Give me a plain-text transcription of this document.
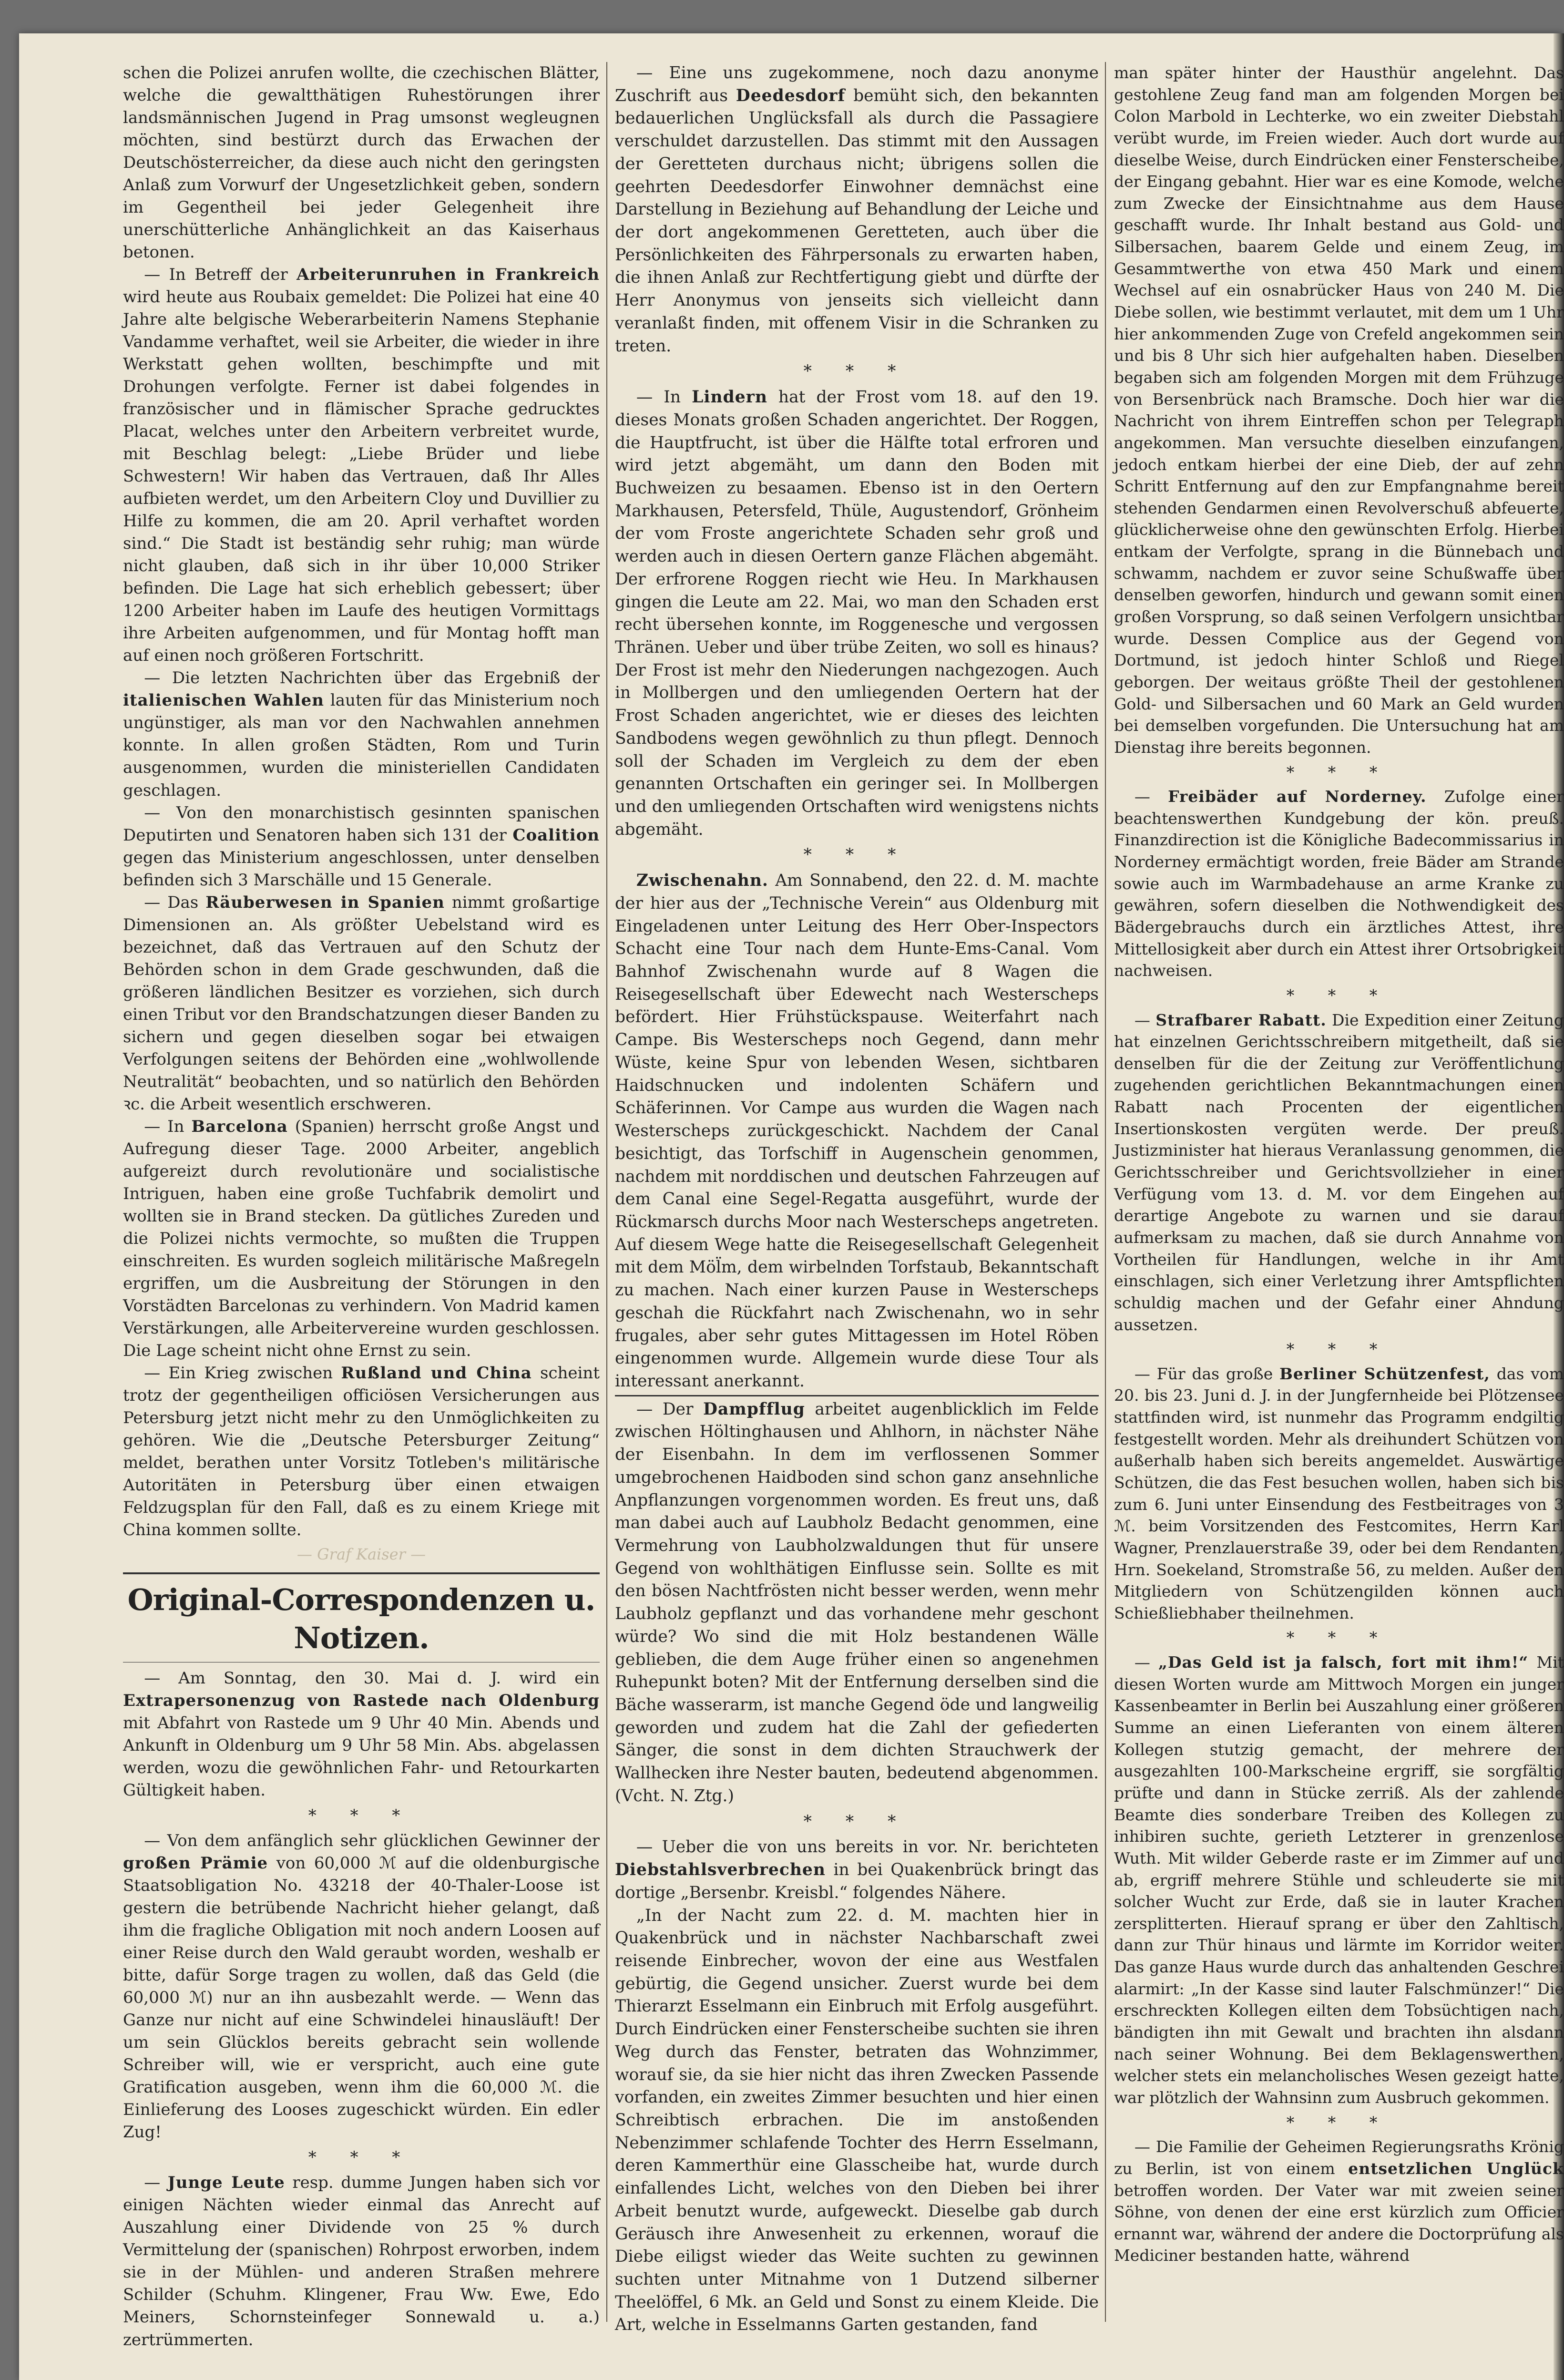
schen die Polizei anrufen wollte, die czechischen Blätter, welche die gewaltthätigen Ruhestörungen ihrer landsmännischen Jugend in Prag umsonst wegleugnen möchten, sind bestürzt durch das Erwachen der Deutschösterreicher, da diese auch nicht den geringsten Anlaß zum Vorwurf der Ungesetzlichkeit geben, sondern im Gegentheil bei jeder Gelegenheit ihre unerschütterliche Anhänglichkeit an das Kaiserhaus betonen.

— In Betreff der Arbeiterunruhen in Frankreich wird heute aus Roubaix gemeldet: Die Polizei hat eine 40 Jahre alte belgische Weberarbeiterin Namens Stephanie Vandamme verhaftet, weil sie Arbeiter, die wieder in ihre Werkstatt gehen wollten, beschimpfte und mit Drohungen verfolgte. Ferner ist dabei folgendes in französischer und in flämischer Sprache gedrucktes Placat, welches unter den Arbeitern verbreitet wurde, mit Beschlag belegt: „Liebe Brüder und liebe Schwestern! Wir haben das Vertrauen, daß Ihr Alles aufbieten werdet, um den Arbeitern Cloy und Duvillier zu Hilfe zu kommen, die am 20. April verhaftet worden sind.“ Die Stadt ist beständig sehr ruhig; man würde nicht glauben, daß sich in ihr über 10,000 Striker befinden. Die Lage hat sich erheblich gebessert; über 1200 Arbeiter haben im Laufe des heutigen Vormittags ihre Arbeiten aufgenommen, und für Montag hofft man auf einen noch größeren Fortschritt.

— Die letzten Nachrichten über das Ergebniß der italienischen Wahlen lauten für das Ministerium noch ungünstiger, als man vor den Nachwahlen annehmen konnte. In allen großen Städten, Rom und Turin ausgenommen, wurden die ministeriellen Candidaten geschlagen.

— Von den monarchistisch gesinnten spanischen Deputirten und Senatoren haben sich 131 der Coalition gegen das Ministerium angeschlossen, unter denselben befinden sich 3 Marschälle und 15 Generale.

— Das Räuberwesen in Spanien nimmt großartige Dimensionen an. Als größter Uebelstand wird es bezeichnet, daß das Vertrauen auf den Schutz der Behörden schon in dem Grade geschwunden, daß die größeren ländlichen Besitzer es vorziehen, sich durch einen Tribut vor den Brandschatzungen dieser Banden zu sichern und gegen dieselben sogar bei etwaigen Verfolgungen seitens der Behörden eine „wohlwollende Neutralität“ beobachten, und so natürlich den Behörden ꝛc. die Arbeit wesentlich erschweren.

— In Barcelona (Spanien) herrscht große Angst und Aufregung dieser Tage. 2000 Arbeiter, angeblich aufgereizt durch revolutionäre und socialistische Intriguen, haben eine große Tuchfabrik demolirt und wollten sie in Brand stecken. Da gütliches Zureden und die Polizei nichts vermochte, so mußten die Truppen einschreiten. Es wurden sogleich militärische Maßregeln ergriffen, um die Ausbreitung der Störungen in den Vorstädten Barcelonas zu verhindern. Von Madrid kamen Verstärkungen, alle Arbeitervereine wurden geschlossen. Die Lage scheint nicht ohne Ernst zu sein.

— Ein Krieg zwischen Rußland und China scheint trotz der gegentheiligen officiösen Versicherungen aus Petersburg jetzt nicht mehr zu den Unmöglichkeiten zu gehören. Wie die „Deutsche Petersburger Zeitung“ meldet, berathen unter Vorsitz Totleben's militärische Autoritäten in Petersburg über einen etwaigen Feldzugsplan für den Fall, daß es zu einem Kriege mit China kommen sollte.

— Graf Kaiser —
Original-Correspondenzen u. Notizen.

— Am Sonntag, den 30. Mai d. J. wird ein Extrapersonenzug von Rastede nach Oldenburg mit Abfahrt von Rastede um 9 Uhr 40 Min. Abends und Ankunft in Oldenburg um 9 Uhr 58 Min. Abs. abgelassen werden, wozu die gewöhnlichen Fahr- und Retourkarten Gültigkeit haben.

* * *

— Von dem anfänglich sehr glücklichen Gewinner der großen Prämie von 60,000 ℳ auf die oldenburgische Staatsobligation No. 43218 der 40-Thaler-Loose ist gestern die betrübende Nachricht hieher gelangt, daß ihm die fragliche Obligation mit noch andern Loosen auf einer Reise durch den Wald geraubt worden, weshalb er bitte, dafür Sorge tragen zu wollen, daß das Geld (die 60,000 ℳ) nur an ihn ausbezahlt werde. — Wenn das Ganze nur nicht auf eine Schwindelei hinausläuft! Der um sein Glücklos bereits gebracht sein wollende Schreiber will, wie er verspricht, auch eine gute Gratification ausgeben, wenn ihm die 60,000 ℳ. die Einlieferung des Looses zugeschickt würden. Ein edler Zug!

* * *

— Junge Leute resp. dumme Jungen haben sich vor einigen Nächten wieder einmal das Anrecht auf Auszahlung einer Dividende von 25 % durch Vermittelung der (spanischen) Rohrpost erworben, indem sie in der Mühlen- und anderen Straßen mehrere Schilder (Schuhm. Klingener, Frau Ww. Ewe, Edo Meiners, Schornsteinfeger Sonnewald u. a.) zertrümmerten.

— Eine uns zugekommene, noch dazu anonyme Zuschrift aus Deedesdorf bemüht sich, den bekannten bedauerlichen Unglücksfall als durch die Passagiere verschuldet darzustellen. Das stimmt mit den Aussagen der Geretteten durchaus nicht; übrigens sollen die geehrten Deedesdorfer Einwohner demnächst eine Darstellung in Beziehung auf Behandlung der Leiche und der dort angekommenen Geretteten, auch über die Persönlichkeiten des Fährpersonals zu erwarten haben, die ihnen Anlaß zur Rechtfertigung giebt und dürfte der Herr Anonymus von jenseits sich vielleicht dann veranlaßt finden, mit offenem Visir in die Schranken zu treten.

* * *

— In Lindern hat der Frost vom 18. auf den 19. dieses Monats großen Schaden angerichtet. Der Roggen, die Hauptfrucht, ist über die Hälfte total erfroren und wird jetzt abgemäht, um dann den Boden mit Buchweizen zu besaamen. Ebenso ist in den Oertern Markhausen, Petersfeld, Thüle, Augustendorf, Grönheim der vom Froste angerichtete Schaden sehr groß und werden auch in diesen Oertern ganze Flächen abgemäht. Der erfrorene Roggen riecht wie Heu. In Markhausen gingen die Leute am 22. Mai, wo man den Schaden erst recht übersehen konnte, im Roggenesche und vergossen Thränen. Ueber und über trübe Zeiten, wo soll es hinaus? Der Frost ist mehr den Niederungen nachgezogen. Auch in Mollbergen und den umliegenden Oertern hat der Frost Schaden angerichtet, wie er dieses des leichten Sandbodens wegen gewöhnlich zu thun pflegt. Dennoch soll der Schaden im Vergleich zu dem der eben genannten Ortschaften ein geringer sei. In Mollbergen und den umliegenden Ortschaften wird wenigstens nichts abgemäht.

* * *

Zwischenahn. Am Sonnabend, den 22. d. M. machte der hier aus der „Technische Verein“ aus Oldenburg mit Eingeladenen unter Leitung des Herr Ober-Inspectors Schacht eine Tour nach dem Hunte-Ems-Canal. Vom Bahnhof Zwischenahn wurde auf 8 Wagen die Reisegesellschaft über Edewecht nach Westerscheps befördert. Hier Frühstückspause. Weiterfahrt nach Campe. Bis Westerscheps noch Gegend, dann mehr Wüste, keine Spur von lebenden Wesen, sichtbaren Haidschnucken und indolenten Schäfern und Schäferinnen. Vor Campe aus wurden die Wagen nach Westerscheps zurückgeschickt. Nachdem der Canal besichtigt, das Torfschiff in Augenschein genommen, nachdem mit norddischen und deutschen Fahrzeugen auf dem Canal eine Segel-Regatta ausgeführt, wurde der Rückmarsch durchs Moor nach Westerscheps angetreten. Auf diesem Wege hatte die Reisegesellschaft Gelegenheit mit dem Möl̈m, dem wirbelnden Torfstaub, Bekanntschaft zu machen. Nach einer kurzen Pause in Westerscheps geschah die Rückfahrt nach Zwischenahn, wo in sehr frugales, aber sehr gutes Mittagessen im Hotel Röben eingenommen wurde. Allgemein wurde diese Tour als interessant anerkannt.

— Der Dampfflug arbeitet augenblicklich im Felde zwischen Höltinghausen und Ahlhorn, in nächster Nähe der Eisenbahn. In dem im verflossenen Sommer umgebrochenen Haidboden sind schon ganz ansehnliche Anpflanzungen vorgenommen worden. Es freut uns, daß man dabei auch auf Laubholz Bedacht genommen, eine Vermehrung von Laubholzwaldungen thut für unsere Gegend von wohlthätigen Einflusse sein. Sollte es mit den bösen Nachtfrösten nicht besser werden, wenn mehr Laubholz gepflanzt und das vorhandene mehr geschont würde? Wo sind die mit Holz bestandenen Wälle geblieben, die dem Auge früher einen so angenehmen Ruhepunkt boten? Mit der Entfernung derselben sind die Bäche wasserarm, ist manche Gegend öde und langweilig geworden und zudem hat die Zahl der gefiederten Sänger, die sonst in dem dichten Strauchwerk der Wallhecken ihre Nester bauten, bedeutend abgenommen. (Vcht. N. Ztg.)

* * *

— Ueber die von uns bereits in vor. Nr. berichteten Diebstahlsverbrechen in bei Quakenbrück bringt das dortige „Bersenbr. Kreisbl.“ folgendes Nähere.

„In der Nacht zum 22. d. M. machten hier in Quakenbrück und in nächster Nachbarschaft zwei reisende Einbrecher, wovon der eine aus Westfalen gebürtig, die Gegend unsicher. Zuerst wurde bei dem Thierarzt Esselmann ein Einbruch mit Erfolg ausgeführt. Durch Eindrücken einer Fensterscheibe suchten sie ihren Weg durch das Fenster, betraten das Wohnzimmer, worauf sie, da sie hier nicht das ihren Zwecken Passende vorfanden, ein zweites Zimmer besuchten und hier einen Schreibtisch erbrachen. Die im anstoßenden Nebenzimmer schlafende Tochter des Herrn Esselmann, deren Kammerthür eine Glasscheibe hat, wurde durch einfallendes Licht, welches von den Dieben bei ihrer Arbeit benutzt wurde, aufgeweckt. Dieselbe gab durch Geräusch ihre Anwesenheit zu erkennen, worauf die Diebe eiligst wieder das Weite suchten zu gewinnen suchten unter Mitnahme von 1 Dutzend silberner Theelöffel, 6 Mk. an Geld und Sonst zu einem Kleide. Die Art, welche in Esselmanns Garten gestanden, fand

man später hinter der Hausthür angelehnt. Das gestohlene Zeug fand man am folgenden Morgen bei Colon Marbold in Lechterke, wo ein zweiter Diebstahl verübt wurde, im Freien wieder. Auch dort wurde auf dieselbe Weise, durch Eindrücken einer Fensterscheibe, der Eingang gebahnt. Hier war es eine Komode, welche zum Zwecke der Einsichtnahme aus dem Hause geschafft wurde. Ihr Inhalt bestand aus Gold- und Silbersachen, baarem Gelde und einem Zeug, im Gesammtwerthe von etwa 450 Mark und einem Wechsel auf ein osnabrücker Haus von 240 M. Die Diebe sollen, wie bestimmt verlautet, mit dem um 1 Uhr hier ankommenden Zuge von Crefeld angekommen sein und bis 8 Uhr sich hier aufgehalten haben. Dieselben begaben sich am folgenden Morgen mit dem Frühzuge von Bersenbrück nach Bramsche. Doch hier war die Nachricht von ihrem Eintreffen schon per Telegraph angekommen. Man versuchte dieselben einzufangen, jedoch entkam hierbei der eine Dieb, der auf zehn Schritt Entfernung auf den zur Empfangnahme bereit stehenden Gendarmen einen Revolverschuß abfeuerte, glücklicherweise ohne den gewünschten Erfolg. Hierbei entkam der Verfolgte, sprang in die Bünnebach und schwamm, nachdem er zuvor seine Schußwaffe über denselben geworfen, hindurch und gewann somit einen großen Vorsprung, so daß seinen Verfolgern unsichtbar wurde. Dessen Complice aus der Gegend von Dortmund, ist jedoch hinter Schloß und Riegel geborgen. Der weitaus größte Theil der gestohlenen Gold- und Silbersachen und 60 Mark an Geld wurden bei demselben vorgefunden. Die Untersuchung hat am Dienstag ihre bereits begonnen.

* * *

— Freibäder auf Norderney. Zufolge einer beachtenswerthen Kundgebung der kön. preuß. Finanzdirection ist die Königliche Badecommissarius in Norderney ermächtigt worden, freie Bäder am Strande sowie auch im Warmbadehause an arme Kranke zu gewähren, sofern dieselben die Nothwendigkeit des Bädergebrauchs durch ein ärztliches Attest, ihre Mittellosigkeit aber durch ein Attest ihrer Ortsobrigkeit nachweisen.

* * *

— Strafbarer Rabatt. Die Expedition einer Zeitung hat einzelnen Gerichtsschreibern mitgetheilt, daß sie denselben für die der Zeitung zur Veröffentlichung zugehenden gerichtlichen Bekanntmachungen einen Rabatt nach Procenten der eigentlichen Insertionskosten vergüten werde. Der preuß. Justizminister hat hieraus Veranlassung genommen, die Gerichtsschreiber und Gerichtsvollzieher in einer Verfügung vom 13. d. M. vor dem Eingehen auf derartige Angebote zu warnen und sie darauf aufmerksam zu machen, daß sie durch Annahme von Vortheilen für Handlungen, welche in ihr Amt einschlagen, sich einer Verletzung ihrer Amtspflichten schuldig machen und der Gefahr einer Ahndung aussetzen.

* * *

— Für das große Berliner Schützenfest, das vom 20. bis 23. Juni d. J. in der Jungfernheide bei Plötzensee stattfinden wird, ist nunmehr das Programm endgiltig festgestellt worden. Mehr als dreihundert Schützen von außerhalb haben sich bereits angemeldet. Auswärtige Schützen, die das Fest besuchen wollen, haben sich bis zum 6. Juni unter Einsendung des Festbeitrages von 3 ℳ. beim Vorsitzenden des Festcomites, Herrn Karl Wagner, Prenzlauerstraße 39, oder bei dem Rendanten, Hrn. Soekeland, Stromstraße 56, zu melden. Außer den Mitgliedern von Schützengilden können auch Schießliebhaber theilnehmen.

* * *

— „Das Geld ist ja falsch, fort mit ihm!“ Mit diesen Worten wurde am Mittwoch Morgen ein junger Kassenbeamter in Berlin bei Auszahlung einer größeren Summe an einen Lieferanten von einem älteren Kollegen stutzig gemacht, der mehrere der ausgezahlten 100-Markscheine ergriff, sie sorgfältig prüfte und dann in Stücke zerriß. Als der zahlende Beamte dies sonderbare Treiben des Kollegen zu inhibiren suchte, gerieth Letzterer in grenzenlose Wuth. Mit wilder Geberde raste er im Zimmer auf und ab, ergriff mehrere Stühle und schleuderte sie mit solcher Wucht zur Erde, daß sie in lauter Krachen zersplitterten. Hierauf sprang er über den Zahltisch, dann zur Thür hinaus und lärmte im Korridor weiter. Das ganze Haus wurde durch das anhaltenden Geschrei alarmirt: „In der Kasse sind lauter Falschmünzer!“ Die erschreckten Kollegen eilten dem Tobsüchtigen nach, bändigten ihn mit Gewalt und brachten ihn alsdann nach seiner Wohnung. Bei dem Beklagenswerthen, welcher stets ein melancholisches Wesen gezeigt hatte, war plötzlich der Wahnsinn zum Ausbruch gekommen.

* * *

— Die Familie der Geheimen Regierungsraths Krönig zu Berlin, ist von einem entsetzlichen Unglück betroffen worden. Der Vater war mit zweien seiner Söhne, von denen der eine erst kürzlich zum Officier ernannt war, während der andere die Doctorprüfung als Mediciner bestanden hatte, während
